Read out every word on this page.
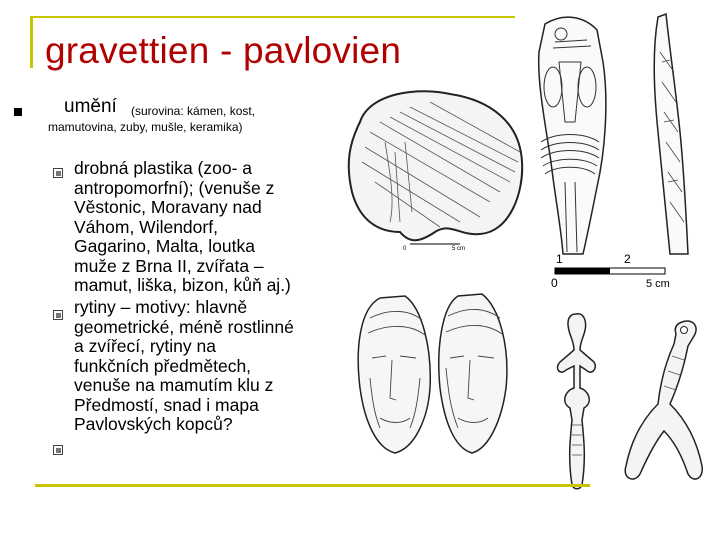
gravettien - pavlovien
umění (surovina: kámen, kost,
mamutovina, zuby, mušle, keramika)
drobná plastika (zoo- a
antropomorfní); (venuše z
Věstonic, Moravany nad
Váhom, Wilendorf,
Gagarino, Malta, loutka
muže z Brna II, zvířata –
mamut, liška, bizon, kůň aj.)
rytiny – motivy: hlavně
geometrické, méně rostlinné
a zvířecí, rytiny na
funkčních předmětech,
venuše na mamutím klu z
Předmostí, snad i mapa
Pavlovských kopců?
0	5 cm
1	2
0	5 cm
